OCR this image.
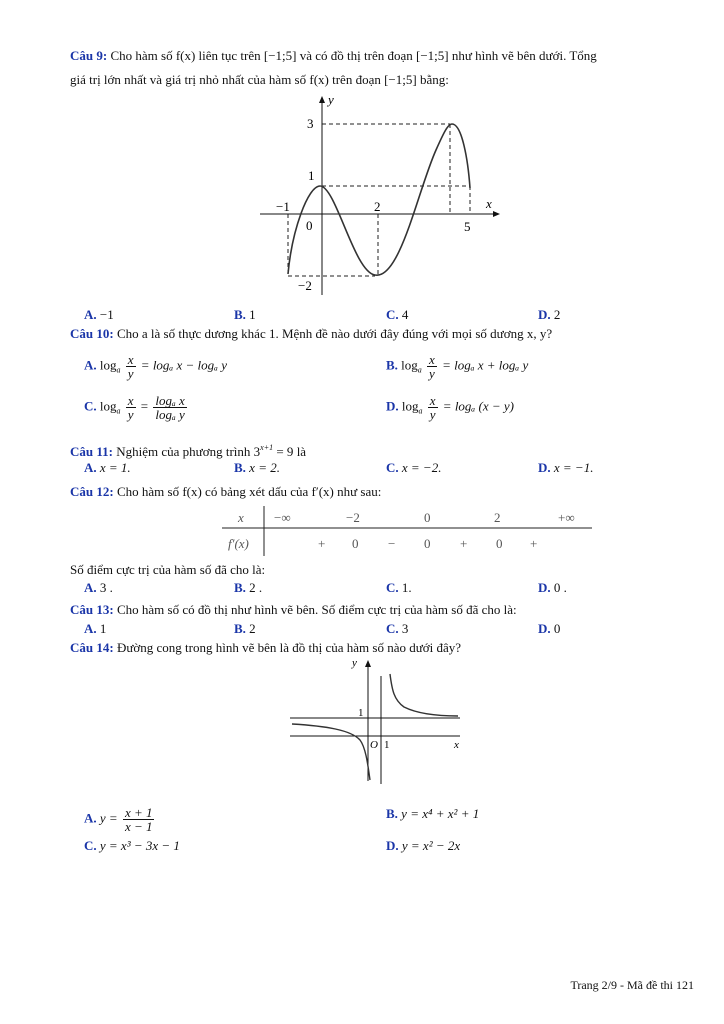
Câu 9: Cho hàm số f(x) liên tục trên [−1;5] và có đồ thị trên đoạn [−1;5] như hình vẽ bên dưới. Tổng
giá trị lớn nhất và giá trị nhỏ nhất của hàm số f(x) trên đoạn [−1;5] bằng:
y
x
3
1
−2
−1
0
2
5
A. −1	B. 1	C. 4	D. 2
Câu 10: Cho a là số thực dương khác 1. Mệnh đề nào dưới đây đúng với mọi số dương x, y?
A. $\log_a \frac{x}{y} = \log_a$ x − logₐ y	B. $\log_a \frac{x}{y} = \log_a$ x + logₐ y
C. $\log_a \frac{x}{y} = \frac{\text{logₐ x}}{\text{logₐ y}}$	D. $\log_a \frac{x}{y} = \log_a$ (x − y)
Câu 11: Nghiệm của phương trình $3^{x+1} = 9$ là
A. x = 1.	B. x = 2.	C. x = −2.	D. x = −1.
Câu 12: Cho hàm số f(x) có bảng xét dấu của f′(x) như sau:
x −∞	−2	0	2	+∞
f′(x)	+ 0 − 0 + 0 +
Số điểm cực trị của hàm số đã cho là:
A. 3 .	B. 2 .	C. 1.	D. 0 .
Câu 13: Cho hàm số có đồ thị như hình vẽ bên. Số điểm cực trị của hàm số đã cho là:
A. 1	B. 2	C. 3	D. 0
Câu 14: Đường cong trong hình vẽ bên là đồ thị của hàm số nào dưới đây?
y
x
1
O 1
A. $y = \frac{x + 1}{x - 1}$	B. y = x⁴ + x² + 1
C. y = x³ − 3x − 1	D. y = x² − 2x
Trang 2/9 - Mã đề thi 121
